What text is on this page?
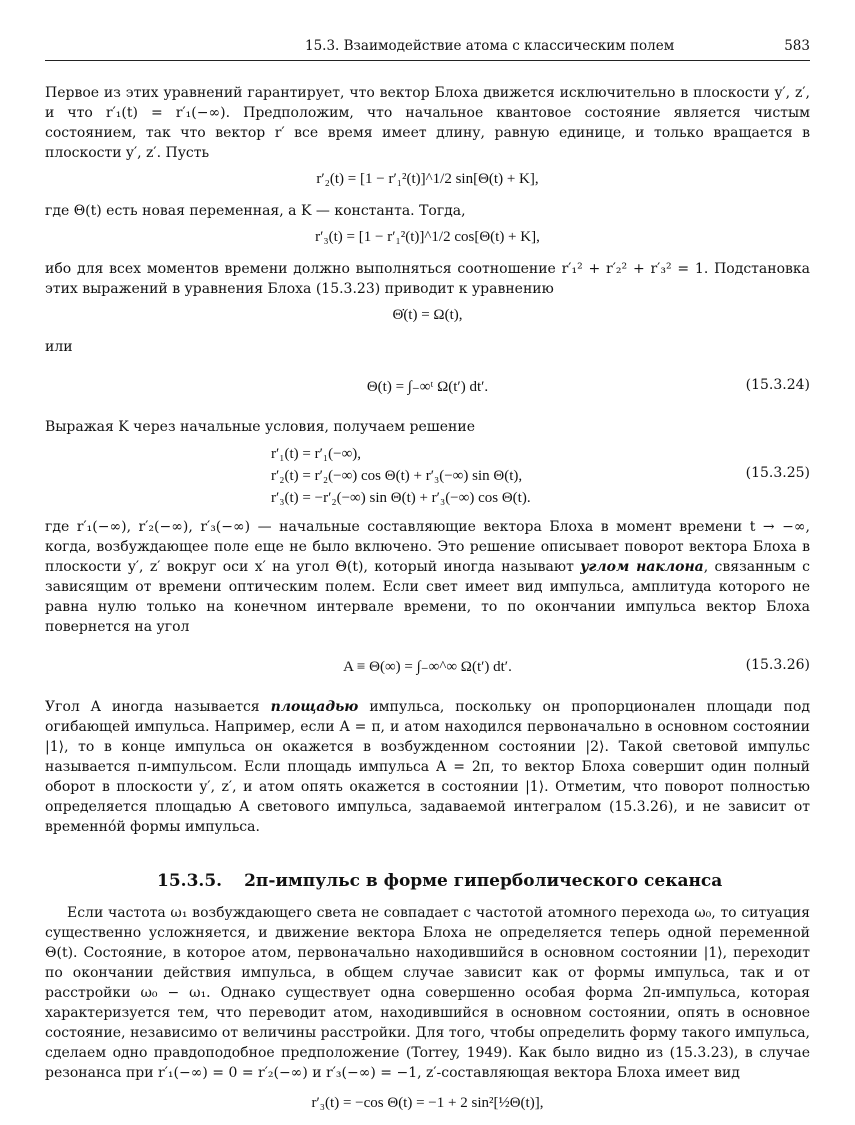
15.3. Взаимодействие атома с классическим полем	583

Первое из этих уравнений гарантирует, что вектор Блоха движется исключительно в плоскости y′, z′, и что r′₁(t) = r′₁(−∞). Предположим, что начальное квантовое состояние является чистым состоянием, так что вектор r′ все время имеет длину, равную единице, и только вращается в плоскости y′, z′. Пусть

r′₂(t) = [1 − r′₁²(t)]^1/2 sin[Θ(t) + K],

где Θ(t) есть новая переменная, а K — константа. Тогда,

r′₃(t) = [1 − r′₁²(t)]^1/2 cos[Θ(t) + K],

ибо для всех моментов времени должно выполняться соотношение r′₁² + r′₂² + r′₃² = 1. Подстановка этих выражений в уравнения Блоха (15.3.23) приводит к уравнению

Θ̇(t) = Ω(t),

или

Θ(t) = ∫₋∞ᵗ Ω(t′) dt′.	(15.3.24)

Выражая K через начальные условия, получаем решение

r′₁(t) = r′₁(−∞),
r′₂(t) = r′₂(−∞) cos Θ(t) + r′₃(−∞) sin Θ(t),
r′₃(t) = −r′₂(−∞) sin Θ(t) + r′₃(−∞) cos Θ(t).
(15.3.25)

где r′₁(−∞), r′₂(−∞), r′₃(−∞) — начальные составляющие вектора Блоха в момент времени t → −∞, когда, возбуждающее поле еще не было включено. Это решение описывает поворот вектора Блоха в плоскости y′, z′ вокруг оси x′ на угол Θ(t), который иногда называют углом наклона, связанным с зависящим от времени оптическим полем. Если свет имеет вид импульса, амплитуда которого не равна нулю только на конечном интервале времени, то по окончании импульса вектор Блоха повернется на угол

A ≡ Θ(∞) = ∫₋∞^∞ Ω(t′) dt′.	(15.3.26)

Угол A иногда называется площадью импульса, поскольку он пропорционален площади под огибающей импульса. Например, если A = π, и атом находился первоначально в основном состоянии |1⟩, то в конце импульса он окажется в возбужденном состоянии |2⟩. Такой световой импульс называется π-импульсом. Если площадь импульса A = 2π, то вектор Блоха совершит один полный оборот в плоскости y′, z′, и атом опять окажется в состоянии |1⟩. Отметим, что поворот полностью определяется площадью A светового импульса, задаваемой интегралом (15.3.26), и не зависит от временнóй формы импульса.

15.3.5. 2π-импульс в форме гиперболического секанса

Если частота ω₁ возбуждающего света не совпадает с частотой атомного перехода ω₀, то ситуация существенно усложняется, и движение вектора Блоха не определяется теперь одной переменной Θ(t). Состояние, в которое атом, первоначально находившийся в основном состоянии |1⟩, переходит по окончании действия импульса, в общем случае зависит как от формы импульса, так и от расстройки ω₀ − ω₁. Однако существует одна совершенно особая форма 2π-импульса, которая характеризуется тем, что переводит атом, находившийся в основном состоянии, опять в основное состояние, независимо от величины расстройки. Для того, чтобы определить форму такого импульса, сделаем одно правдоподобное предположение (Torrey, 1949). Как было видно из (15.3.23), в случае резонанса при r′₁(−∞) = 0 = r′₂(−∞) и r′₃(−∞) = −1, z′-составляющая вектора Блоха имеет вид

r′₃(t) = −cos Θ(t) = −1 + 2 sin²[½Θ(t)],
